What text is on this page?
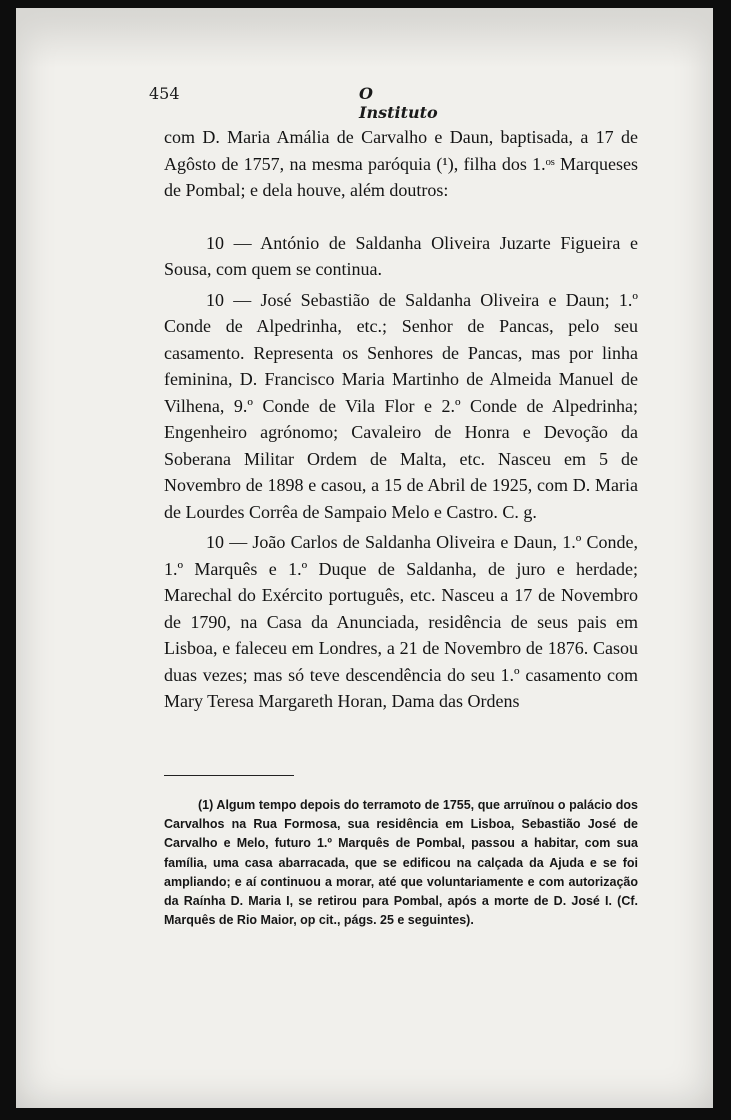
454	O Instituto

com D. Maria Amália de Carvalho e Daun, baptisada, a 17 de Agôsto de 1757, na mesma paróquia (¹), filha dos 1.ᵒˢ Marqueses de Pombal; e dela houve, além doutros:

10 — António de Saldanha Oliveira Juzarte Figueira e Sousa, com quem se continua.

10 — José Sebastião de Saldanha Oliveira e Daun; 1.º Conde de Alpedrinha, etc.; Senhor de Pancas, pelo seu casamento. Representa os Senhores de Pancas, mas por linha feminina, D. Francisco Maria Martinho de Almeida Manuel de Vilhena, 9.º Conde de Vila Flor e 2.º Conde de Alpedrinha; Engenheiro agrónomo; Cavaleiro de Honra e Devoção da Soberana Militar Ordem de Malta, etc. Nasceu em 5 de Novembro de 1898 e casou, a 15 de Abril de 1925, com D. Maria de Lourdes Corrêa de Sampaio Melo e Castro. C. g.

10 — João Carlos de Saldanha Oliveira e Daun, 1.º Conde, 1.º Marquês e 1.º Duque de Saldanha, de juro e herdade; Marechal do Exército português, etc. Nasceu a 17 de Novembro de 1790, na Casa da Anunciada, residência de seus pais em Lisboa, e faleceu em Londres, a 21 de Novembro de 1876. Casou duas vezes; mas só teve descendência do seu 1.º casamento com Mary Teresa Margareth Horan, Dama das Ordens

(1) Algum tempo depois do terramoto de 1755, que arruïnou o palácio dos Carvalhos na Rua Formosa, sua residência em Lisboa, Sebastião José de Carvalho e Melo, futuro 1.º Marquês de Pombal, passou a habitar, com sua família, uma casa abarracada, que se edificou na calçada da Ajuda e se foi ampliando; e aí continuou a morar, até que voluntariamente e com autorização da Raínha D. Maria I, se retirou para Pombal, após a morte de D. José I. (Cf. Marquês de Rio Maior, op cit., págs. 25 e seguintes).
